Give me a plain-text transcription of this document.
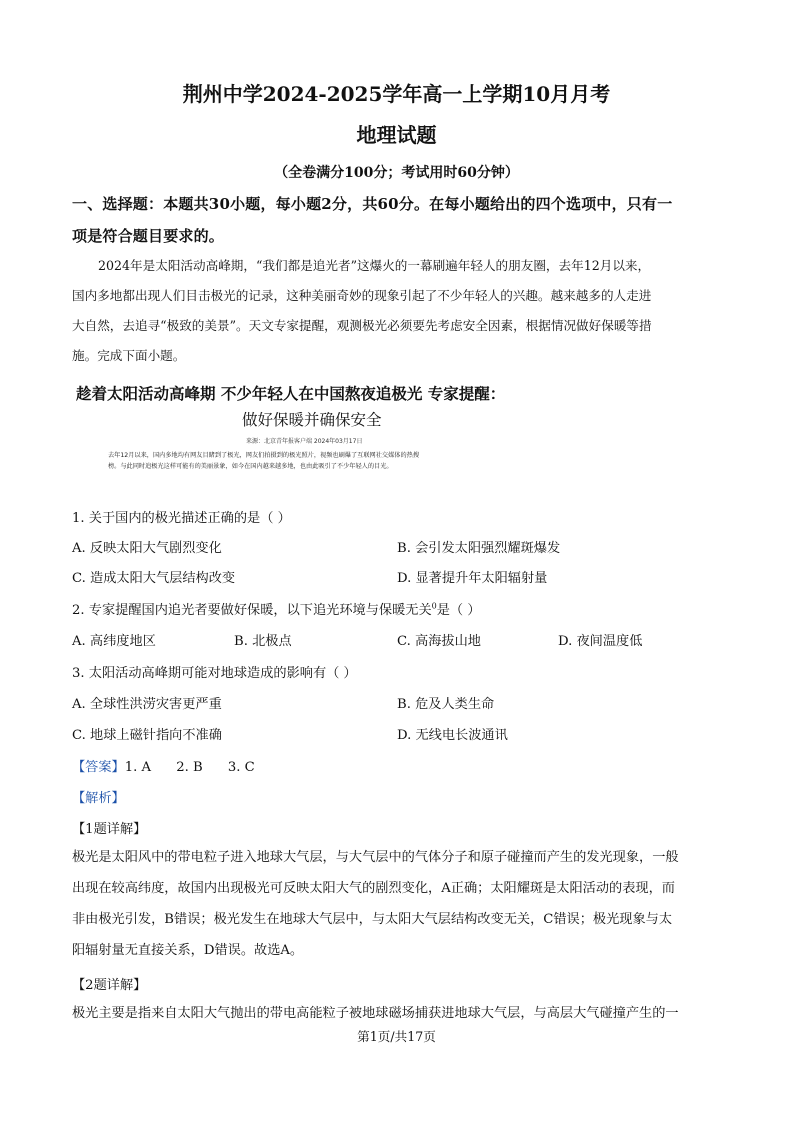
荆州中学2024-2025学年高一上学期10月月考
地理试题
（全卷满分100分；考试用时60分钟）
一、选择题：本题共30小题，每小题2分，共60分。在每小题给出的四个选项中，只有一
项是符合题目要求的。
2024年是太阳活动高峰期，“我们都是追光者”这爆火的一幕刷遍年轻人的朋友圈，去年12月以来，
国内多地都出现人们目击极光的记录，这种美丽奇妙的现象引起了不少年轻人的兴趣。越来越多的人走进
大自然，去追寻“极致的美景”。天文专家提醒，观测极光必须要先考虑安全因素，根据情况做好保暖等措
施。完成下面小题。
趁着太阳活动高峰期 不少年轻人在中国熬夜追极光 专家提醒：
做好保暖并确保安全
来源：北京青年报客户端 2024年03月17日
去年12月以来，国内多地均有网友目睹到了极光，网友们拍摄到的极光照片，视频也刷爆了互联网社交媒体的热搜
榜。与此同时追极光这样可能有的美丽景象，如今在国内越来越多地，也由此吸引了不少年轻人的目光。
1. 关于国内的极光描述正确的是（ ）
A. 反映太阳大气剧烈变化	B. 会引发太阳强烈耀斑爆发
C. 造成太阳大气层结构改变	D. 显著提升年太阳辐射量
2. 专家提醒国内追光者要做好保暖，以下追光环境与保暖无关$^0$是（ ）
A. 高纬度地区	B. 北极点	C. 高海拔山地	D. 夜间温度低
3. 太阳活动高峰期可能对地球造成的影响有（ ）
A. 全球性洪涝灾害更严重	B. 危及人类生命
C. 地球上磁针指向不准确	D. 无线电长波通讯
【答案】1. A      2. B      3. C
【解析】
【1题详解】
极光是太阳风中的带电粒子进入地球大气层，与大气层中的气体分子和原子碰撞而产生的发光现象，一般
出现在较高纬度，故国内出现极光可反映太阳大气的剧烈变化，A正确；太阳耀斑是太阳活动的表现，而
非由极光引发，B错误；极光发生在地球大气层中，与太阳大气层结构改变无关，C错误；极光现象与太
阳辐射量无直接关系，D错误。故选A。
【2题详解】
极光主要是指来自太阳大气抛出的带电高能粒子被地球磁场捕获进地球大气层，与高层大气碰撞产生的一
第1页/共17页
